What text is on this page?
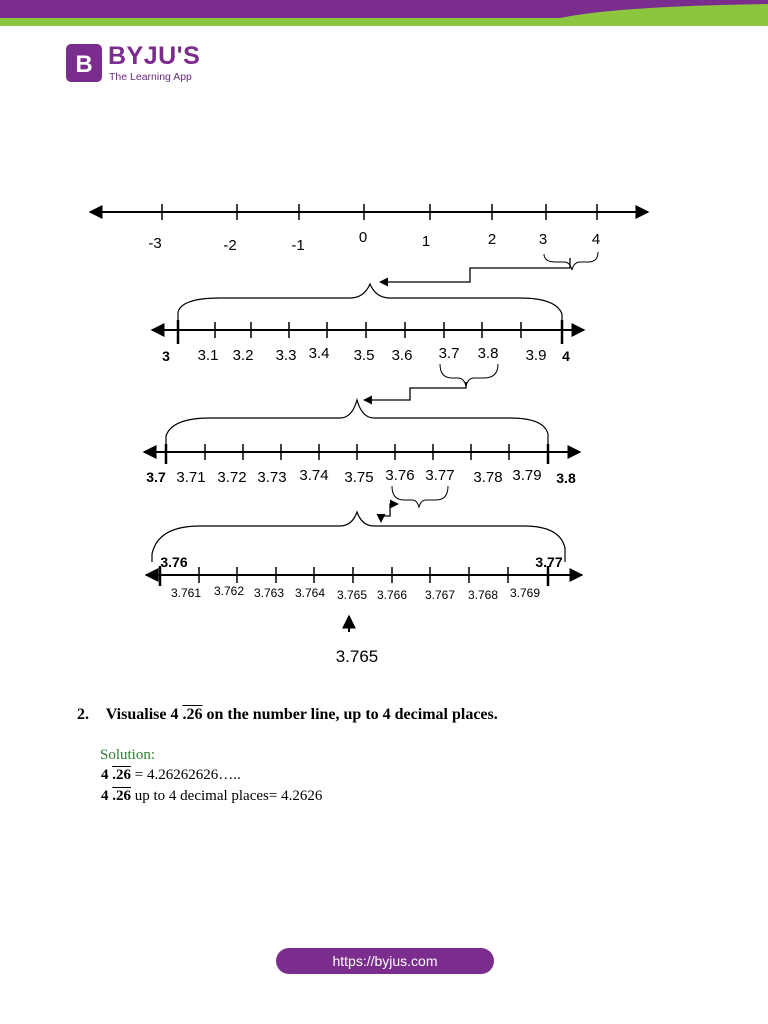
B BYJU'S
The Learning App
-3	-2	-1	0	1	2	3	4
3	4
3.1 3.2 3.3 3.4 3.5 3.6 3.7 3.8 3.9
3.7	3.8
3.71 3.72 3.73 3.74 3.75 3.76 3.77 3.78 3.79
3.76	3.77
3.761 3.762 3.763 3.764 3.765 3.766 3.767 3.768 3.769
3.765
2. Visualise 4 .26 on the number line, up to 4 decimal places.
Solution:
4 .26 = 4.26262626…..
4 .26 up to 4 decimal places= 4.2626
https://byjus.com
